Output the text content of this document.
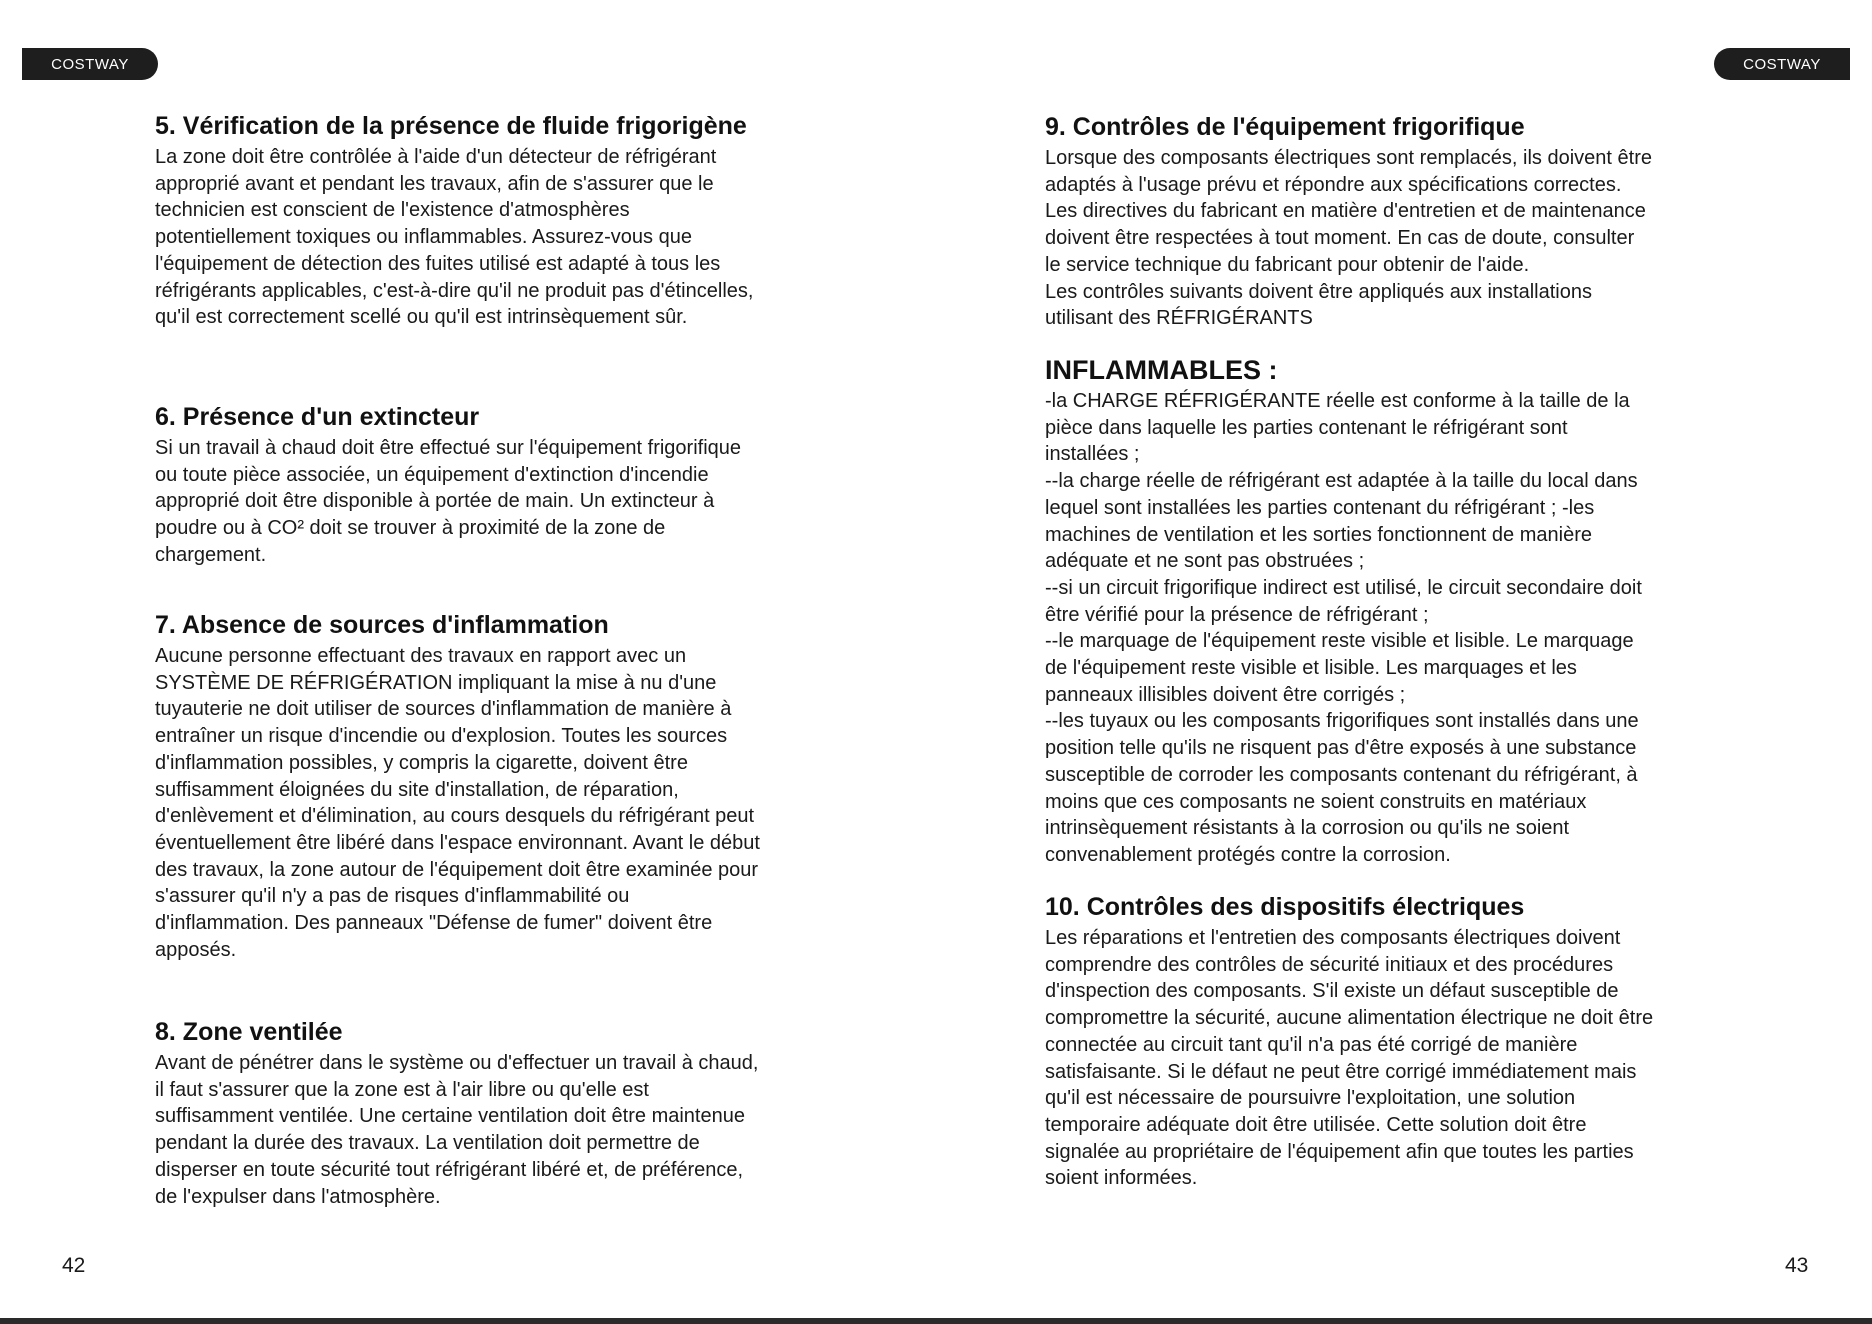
COSTWAY	COSTWAY
5. Vérification de la présence de fluide frigorigène

La zone doit être contrôlée à l'aide d'un détecteur de réfrigérant
approprié avant et pendant les travaux, afin de s'assurer que le
technicien est conscient de l'existence d'atmosphères
potentiellement toxiques ou inflammables. Assurez-vous que
l'équipement de détection des fuites utilisé est adapté à tous les
réfrigérants applicables, c'est-à-dire qu'il ne produit pas d'étincelles,
qu'il est correctement scellé ou qu'il est intrinsèquement sûr.

6. Présence d'un extincteur

Si un travail à chaud doit être effectué sur l'équipement frigorifique
ou toute pièce associée, un équipement d'extinction d'incendie
approprié doit être disponible à portée de main. Un extincteur à
poudre ou à CO² doit se trouver à proximité de la zone de
chargement.

7. Absence de sources d'inflammation

Aucune personne effectuant des travaux en rapport avec un
SYSTÈME DE RÉFRIGÉRATION impliquant la mise à nu d'une
tuyauterie ne doit utiliser de sources d'inflammation de manière à
entraîner un risque d'incendie ou d'explosion. Toutes les sources
d'inflammation possibles, y compris la cigarette, doivent être
suffisamment éloignées du site d'installation, de réparation,
d'enlèvement et d'élimination, au cours desquels du réfrigérant peut
éventuellement être libéré dans l'espace environnant. Avant le début
des travaux, la zone autour de l'équipement doit être examinée pour
s'assurer qu'il n'y a pas de risques d'inflammabilité ou
d'inflammation. Des panneaux "Défense de fumer" doivent être
apposés.

8. Zone ventilée

Avant de pénétrer dans le système ou d'effectuer un travail à chaud,
il faut s'assurer que la zone est à l'air libre ou qu'elle est
suffisamment ventilée. Une certaine ventilation doit être maintenue
pendant la durée des travaux. La ventilation doit permettre de
disperser en toute sécurité tout réfrigérant libéré et, de préférence,
de l'expulser dans l'atmosphère.

9. Contrôles de l'équipement frigorifique

Lorsque des composants électriques sont remplacés, ils doivent être
adaptés à l'usage prévu et répondre aux spécifications correctes.
Les directives du fabricant en matière d'entretien et de maintenance
doivent être respectées à tout moment. En cas de doute, consulter
le service technique du fabricant pour obtenir de l'aide.
Les contrôles suivants doivent être appliqués aux installations
utilisant des RÉFRIGÉRANTS

INFLAMMABLES :

-la CHARGE RÉFRIGÉRANTE réelle est conforme à la taille de la
pièce dans laquelle les parties contenant le réfrigérant sont
installées ;
--la charge réelle de réfrigérant est adaptée à la taille du local dans
lequel sont installées les parties contenant du réfrigérant ; -les
machines de ventilation et les sorties fonctionnent de manière
adéquate et ne sont pas obstruées ;
--si un circuit frigorifique indirect est utilisé, le circuit secondaire doit
être vérifié pour la présence de réfrigérant ;
--le marquage de l'équipement reste visible et lisible. Le marquage
de l'équipement reste visible et lisible. Les marquages et les
panneaux illisibles doivent être corrigés ;
--les tuyaux ou les composants frigorifiques sont installés dans une
position telle qu'ils ne risquent pas d'être exposés à une substance
susceptible de corroder les composants contenant du réfrigérant, à
moins que ces composants ne soient construits en matériaux
intrinsèquement résistants à la corrosion ou qu'ils ne soient
convenablement protégés contre la corrosion.

10. Contrôles des dispositifs électriques

Les réparations et l'entretien des composants électriques doivent
comprendre des contrôles de sécurité initiaux et des procédures
d'inspection des composants. S'il existe un défaut susceptible de
compromettre la sécurité, aucune alimentation électrique ne doit être
connectée au circuit tant qu'il n'a pas été corrigé de manière
satisfaisante. Si le défaut ne peut être corrigé immédiatement mais
qu'il est nécessaire de poursuivre l'exploitation, une solution
temporaire adéquate doit être utilisée. Cette solution doit être
signalée au propriétaire de l'équipement afin que toutes les parties
soient informées.

42	43
